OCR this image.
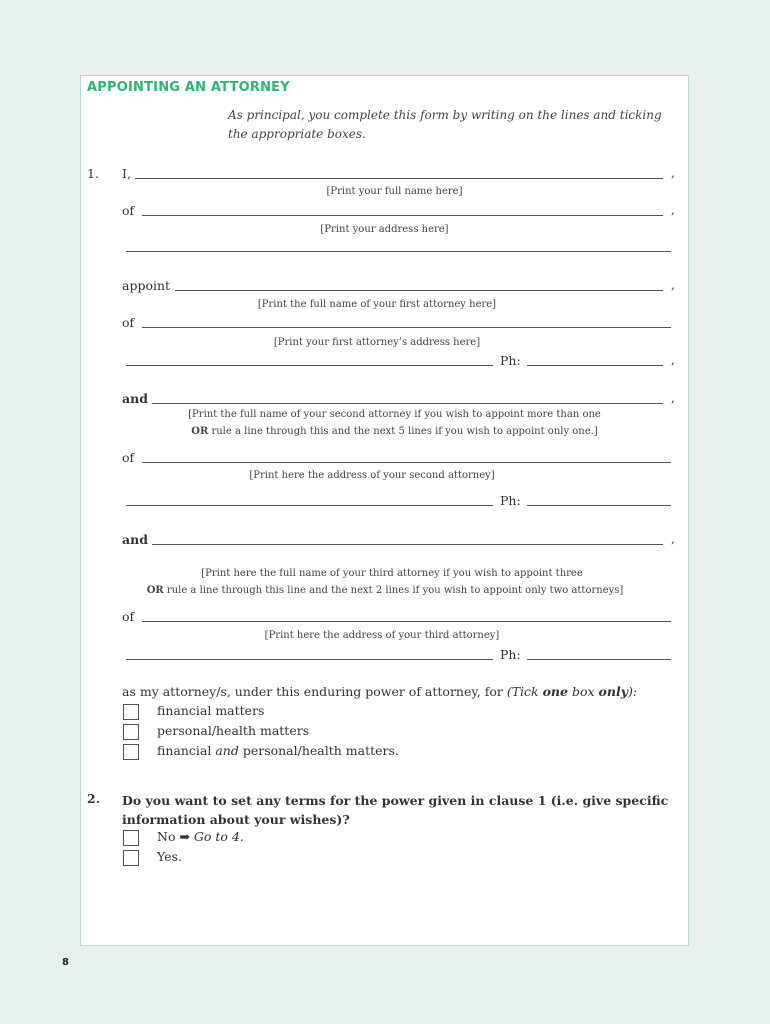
APPOINTING AN ATTORNEY
As principal, you complete this form by writing on the lines and ticking the appropriate boxes.
1. I,	,
[Print your full name here]
of	,
[Print your address here]
appoint	,
[Print the full name of your first attorney here]
of
[Print your first attorney’s address here]
Ph:	,
and	,
[Print the full name of your second attorney if you wish to appoint more than one
OR rule a line through this and the next 5 lines if you wish to appoint only one.]
of
[Print here the address of your second attorney]
Ph:
and	,
[Print here the full name of your third attorney if you wish to appoint three
OR rule a line through this line and the next 2 lines if you wish to appoint only two attorneys]
of
[Print here the address of your third attorney]
Ph:
as my attorney/s, under this enduring power of attorney, for (Tick one box only):
financial matters
personal/health matters
financial and personal/health matters.
2. Do you want to set any terms for the power given in clause 1 (i.e. give specific information about your wishes)?
No ➡ Go to 4.
Yes.
8
